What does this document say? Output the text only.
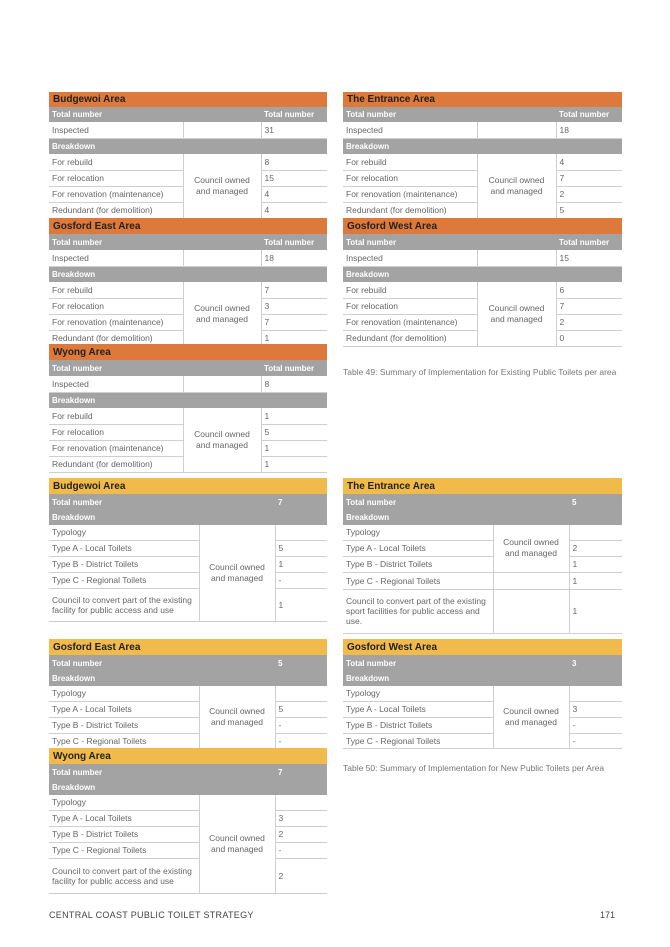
Budgewoi Area		
Total number		Total number
Inspected		31
Breakdown		
For rebuild	Council owned and managed	8
For relocation		15
For renovation (maintenance)		4
Redundant (for demolition)		4
The Entrance Area		
Total number		Total number
Inspected		18
Breakdown		
For rebuild	Council owned and managed	4
For relocation		7
For renovation (maintenance)		2
Redundant (for demolition)		5
Gosford East Area		
Total number		Total number
Inspected		18
Breakdown		
For rebuild	Council owned and managed	7
For relocation		3
For renovation (maintenance)		7
Redundant (for demolition)		1
Gosford West Area		
Total number		Total number
Inspected		15
Breakdown		
For rebuild	Council owned and managed	6
For relocation		7
For renovation (maintenance)		2
Redundant (for demolition)		0
Wyong Area		
Total number		Total number
Inspected		8
Breakdown		
For rebuild	Council owned and managed	1
For relocation		5
For renovation (maintenance)		1
Redundant (for demolition)		1
Table 49: Summary of Implementation for Existing Public Toilets per area
Budgewoi Area		
Total number		7
Breakdown		
Typology	Council owned and managed	
Type A - Local Toilets		5
Type B - District Toilets		1
Type C - Regional Toilets		-
Council to convert part of the existing facility for public access and use		1
The Entrance Area		
Total number		5
Breakdown		
Typology	Council owned and managed	
Type A - Local Toilets		2
Type B - District Toilets		1
Type C - Regional Toilets		1
Council to convert part of the existing sport facilities for public access and use.		1
Gosford East Area		
Total number		5
Breakdown		
Typology	Council owned and managed	
Type A - Local Toilets		5
Type B - District Toilets		-
Type C - Regional Toilets		-
Gosford West Area		
Total number		3
Breakdown		
Typology	Council owned and managed	
Type A - Local Toilets		3
Type B - District Toilets		-
Type C - Regional Toilets		-
Wyong Area		
Total number		7
Breakdown		
Typology	Council owned and managed	
Type A - Local Toilets		3
Type B - District Toilets		2
Type C - Regional Toilets		-
Council to convert part of the existing facility for public access and use		2
Table 50: Summary of Implementation for New Public Toilets per Area
CENTRAL COAST PUBLIC TOILET STRATEGY	171
